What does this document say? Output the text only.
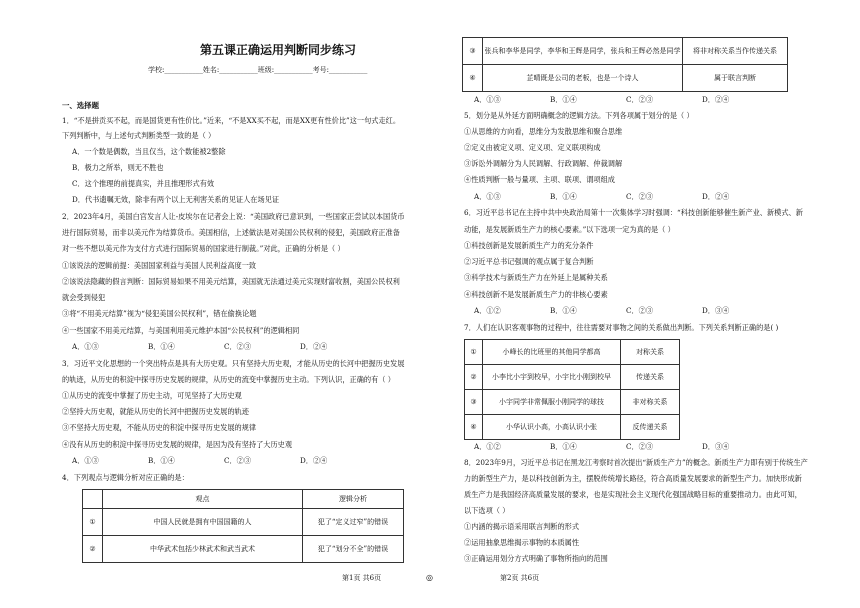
第五课正确运用判断同步练习
学校:___________姓名:___________班级:___________考号:___________
一、选择题
1．“不是拼贡买不起，而是国货更有性价比。”近来，“不是XX买不起，而是XX更有性价比”这一句式走红。
下列判断中，与上述句式判断类型一致的是（ ）
A．一个数是偶数，当且仅当，这个数能被2整除
B．极力之所举，则无不胜也
C．这个推理的前提真实，并且推理形式有效
D．代书遗嘱无效，除非有两个以上无利害关系的见证人在场见证
2．2023年4月，美国白宫发言人让-皮埃尔在记者会上说：“美国政府已意识到，一些国家正尝试以本国货币
进行国际贸易，而非以美元作为结算货币。美国相信，上述做法是对美国公民权利的侵犯，美国政府正准备
对一些不想以美元作为支付方式进行国际贸易的国家进行制裁。”对此，正确的分析是（ ）
①该说法的逻辑前提：美国国家利益与美国人民利益高度一致
②该说法隐藏的假言判断：国际贸易如果不用美元结算，美国就无法通过美元实现财富收割，美国公民权利
就会受到侵犯
③将“不用美元结算”视为“侵犯美国公民权利”，错在偷换论题
④一些国家不用美元结算，与美国利用美元维护本国“公民权利”的逻辑相同
A．①③	B．①④	C．②③	D．②④
3．习近平文化思想的一个突出特点是具有大历史观。只有坚持大历史观，才能从历史的长河中把握历史发展
的轨迹，从历史的积淀中探寻历史发展的规律，从历史的流变中掌握历史主动。下列认识，正确的有（ ）
①从历史的流变中掌握了历史主动，可见坚持了大历史观
②坚持大历史观，就能从历史的长河中把握历史发展的轨迹
③不坚持大历史观，不能从历史的积淀中探寻历史发展的规律
④没有从历史的积淀中探寻历史发展的规律，是因为没有坚持了大历史观
A．①③	B．①④	C．②③	D．②④
4．下列观点与逻辑分析对应正确的是：
	观点	逻辑分析
①	中国人民就是拥有中国国籍的人	犯了“定义过窄”的错误
②	中华武术包括少林武术和武当武术	犯了“划分不全”的错误
第1页 共6页	◎
③	张兵和李华是同学，李华和王辉是同学，张兵和王辉必然是同学	将非对称关系当作传递关系
④	芷晴既是公司的老板，也是一个诗人	属于联言判断
A．①③	B．①④	C．②③	D．②④
5．划分是从外延方面明确概念的逻辑方法。下列各项属于划分的是（ ）
①从思维的方向看，思维分为发散思维和聚合思维
②定义由被定义项、定义项、定义联项构成
③诉讼外调解分为人民调解、行政调解、仲裁调解
④性质判断一般与量项、主项、联项、谓项组成
A．①③	B．①④	C．②③	D．②④
6．习近平总书记在主持中共中央政治局第十一次集体学习时强调：“科技创新能够催生新产业、新模式、新
动能，是发展新质生产力的核心要素。”以下选项一定为真的是（ ）
①科技创新是发展新质生产力的充分条件
②习近平总书记强调的观点属于复合判断
③科学技术与新质生产力在外延上是属种关系
④科技创新不是发展新质生产力的非核心要素
A．①②	B．①④	C．②③	D．③④
7．人们在认识客观事物的过程中，往往需要对事物之间的关系做出判断。下列关系判断正确的是( )
①	小峰长的比班里的其他同学都高	对称关系
②	小李比小宇到校早，小宇比小刚到校早	传递关系
③	小宇同学非常佩服小刚同学的球技	非对称关系
④	小华认识小高，小高认识小张	反传递关系
A．①②	B．①④	C．②③	D．③④
8．2023年9月，习近平总书记在黑龙江考察时首次提出“新质生产力”的概念。新质生产力即有别于传统生产
力的新型生产力，是以科技创新为主，摆脱传统增长路径，符合高质量发展要求的新型生产力。加快形成新
质生产力是我国经济高质量发展的要求，也是实现社会主义现代化强国战略目标的重要推动力。由此可知，
以下选项（ ）
①内涵的揭示语采用联言判断的形式
②运用抽象思维揭示事物的本质属性
③正确运用划分方式明确了事物所指向的范围
第2页 共6页
